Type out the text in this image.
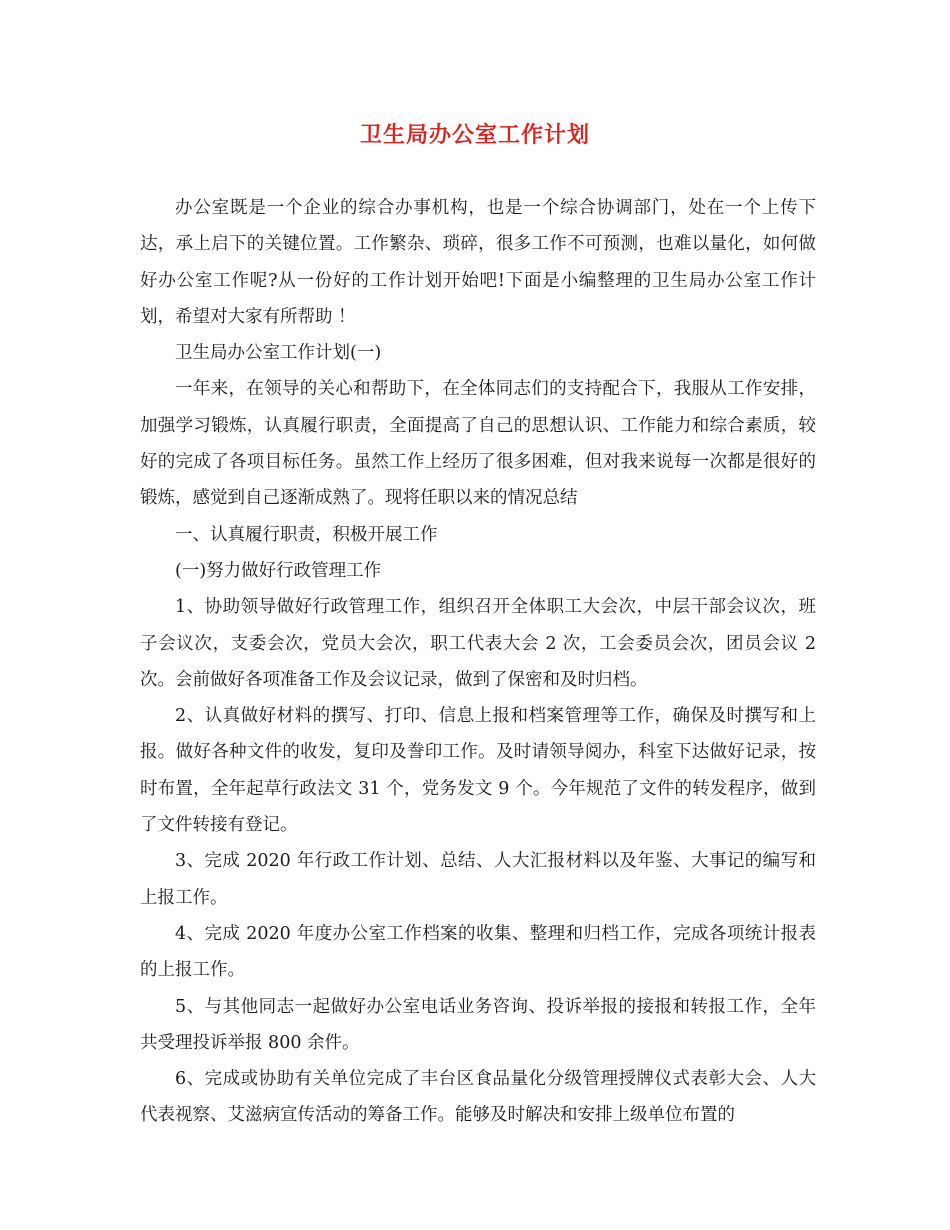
卫生局办公室工作计划

办公室既是一个企业的综合办事机构，也是一个综合协调部门，处在一个上传下达，承上启下的关键位置。工作繁杂、琐碎，很多工作不可预测，也难以量化，如何做好办公室工作呢?从一份好的工作计划开始吧!下面是小编整理的卫生局办公室工作计划，希望对大家有所帮助 ！

卫生局办公室工作计划(一)

一年来，在领导的关心和帮助下，在全体同志们的支持配合下，我服从工作安排，加强学习锻炼，认真履行职责，全面提高了自己的思想认识、工作能力和综合素质，较好的完成了各项目标任务。虽然工作上经历了很多困难，但对我来说每一次都是很好的锻炼，感觉到自己逐渐成熟了。现将任职以来的情况总结

一、认真履行职责，积极开展工作

(一)努力做好行政管理工作

1、协助领导做好行政管理工作，组织召开全体职工大会次，中层干部会议次，班子会议次，支委会次，党员大会次，职工代表大会 2 次，工会委员会次，团员会议 2 次。会前做好各项准备工作及会议记录，做到了保密和及时归档。

2、认真做好材料的撰写、打印、信息上报和档案管理等工作，确保及时撰写和上报。做好各种文件的收发，复印及誊印工作。及时请领导阅办，科室下达做好记录，按时布置，全年起草行政法文 31 个，党务发文 9 个。今年规范了文件的转发程序，做到了文件转接有登记。

3、完成 2020 年行政工作计划、总结、人大汇报材料以及年鉴、大事记的编写和上报工作。

4、完成 2020 年度办公室工作档案的收集、整理和归档工作，完成各项统计报表的上报工作。

5、与其他同志一起做好办公室电话业务咨询、投诉举报的接报和转报工作，全年共受理投诉举报 800 余件。

6、完成或协助有关单位完成了丰台区食品量化分级管理授牌仪式表彰大会、人大代表视察、艾滋病宣传活动的筹备工作。能够及时解决和安排上级单位布置的
